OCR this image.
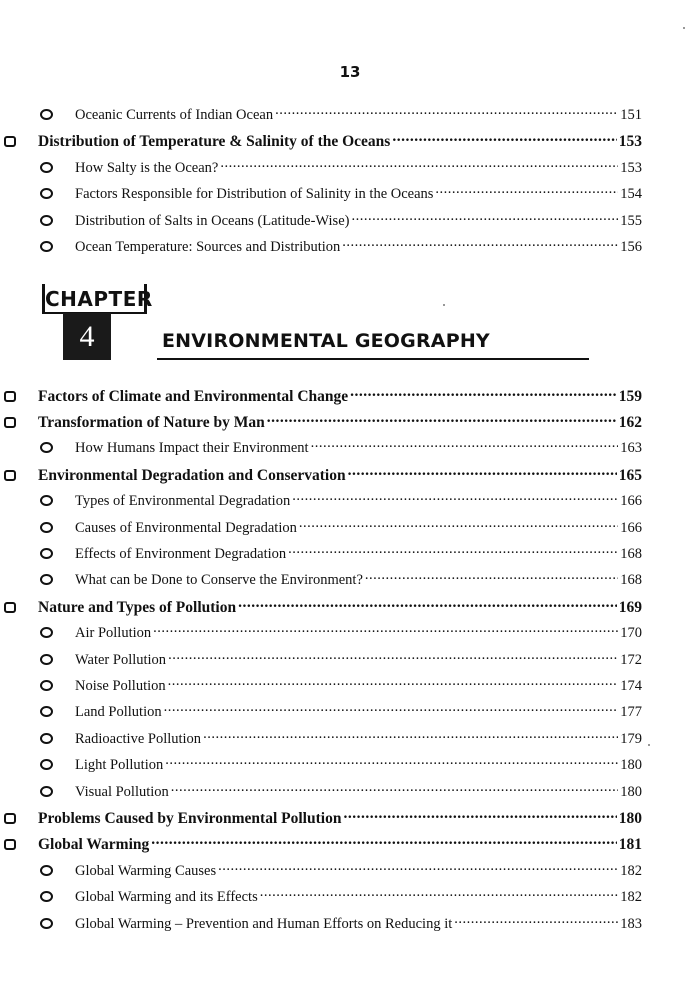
13
Oceanic Currents of Indian Ocean .....	151
Distribution of Temperature & Salinity of the Oceans .....	153
How Salty is the Ocean? .....	153
Factors Responsible for Distribution of Salinity in the Oceans .....	154
Distribution of Salts in Oceans (Latitude-Wise) .....	155
Ocean Temperature: Sources and Distribution .....	156
CHAPTER
4	ENVIRONMENTAL GEOGRAPHY
Factors of Climate and Environmental Change .....	159
Transformation of Nature by Man .....	162
How Humans Impact their Environment .....	163
Environmental Degradation and Conservation .....	165
Types of Environmental Degradation .....	166
Causes of Environmental Degradation .....	166
Effects of Environment Degradation .....	168
What can be Done to Conserve the Environment? .....	168
Nature and Types of Pollution .....	169
Air Pollution .....	170
Water Pollution .....	172
Noise Pollution .....	174
Land Pollution .....	177
Radioactive Pollution .....	179
Light Pollution .....	180
Visual Pollution .....	180
Problems Caused by Environmental Pollution .....	180
Global Warming .....	181
Global Warming Causes .....	182
Global Warming and its Effects .....	182
Global Warming – Prevention and Human Efforts on Reducing it .....	183
